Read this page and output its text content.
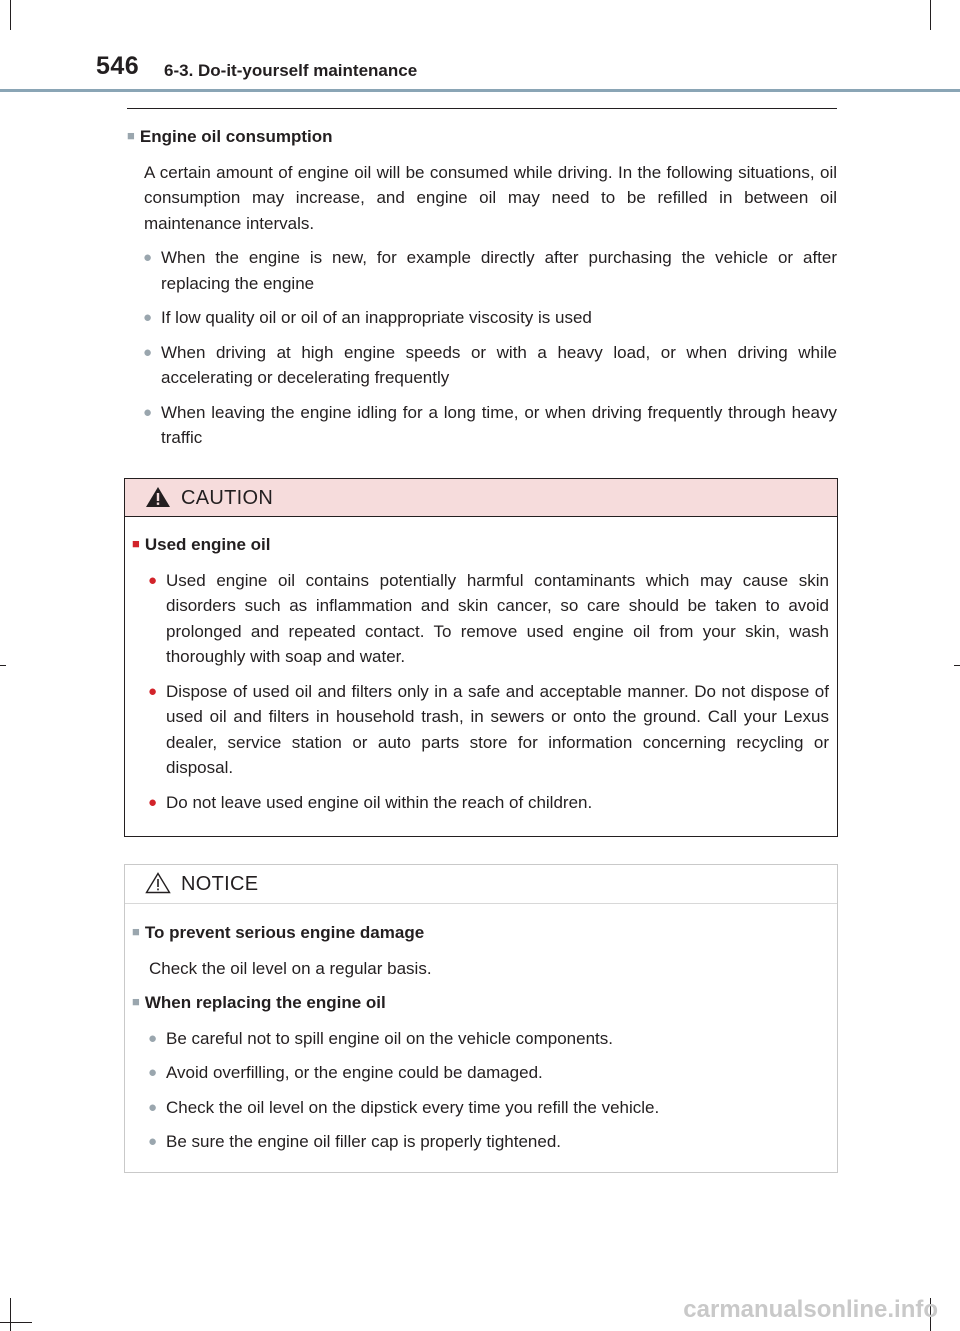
546 6-3. Do-it-yourself maintenance

■ Engine oil consumption

A certain amount of engine oil will be consumed while driving. In the following situations, oil consumption may increase, and engine oil may need to be refilled in between oil maintenance intervals.

● When the engine is new, for example directly after purchasing the vehicle or after replacing the engine
● If low quality oil or oil of an inappropriate viscosity is used
● When driving at high engine speeds or with a heavy load, or when driving while accelerating or decelerating frequently
● When leaving the engine idling for a long time, or when driving frequently through heavy traffic
CAUTION

■ Used engine oil

● Used engine oil contains potentially harmful contaminants which may cause skin disorders such as inflammation and skin cancer, so care should be taken to avoid prolonged and repeated contact. To remove used engine oil from your skin, wash thoroughly with soap and water.
● Dispose of used oil and filters only in a safe and acceptable manner. Do not dispose of used oil and filters in household trash, in sewers or onto the ground. Call your Lexus dealer, service station or auto parts store for information concerning recycling or disposal.
● Do not leave used engine oil within the reach of children.
NOTICE

■ To prevent serious engine damage

Check the oil level on a regular basis.

■ When replacing the engine oil

● Be careful not to spill engine oil on the vehicle components.
● Avoid overfilling, or the engine could be damaged.
● Check the oil level on the dipstick every time you refill the vehicle.
● Be sure the engine oil filler cap is properly tightened.
carmanualsonline.info
